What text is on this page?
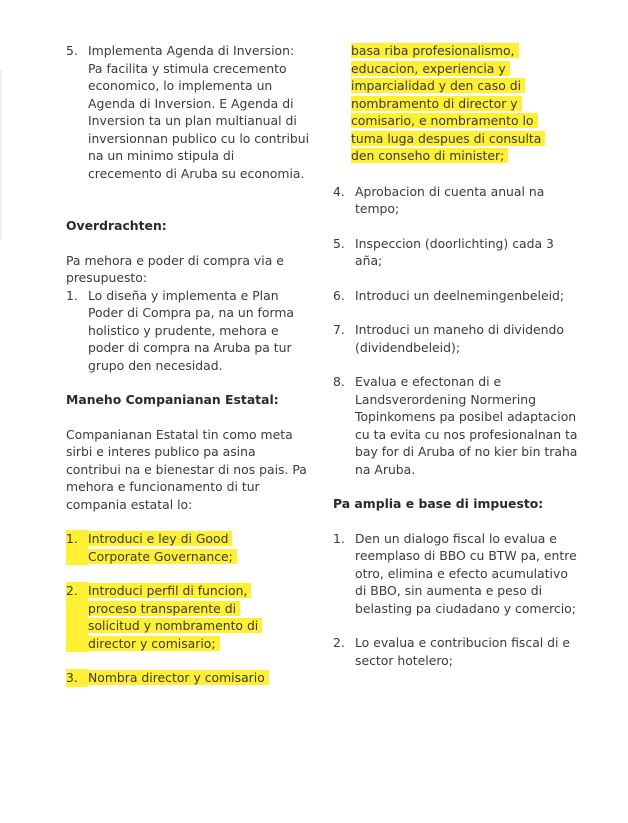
5. Implementa Agenda di Inversion: Pa facilita y stimula crecemento economico, lo implementa un Agenda di Inversion. E Agenda di Inversion ta un plan multianual di inversionnan publico cu lo contribui na un minimo stipula di crecemento di Aruba su economia.

Overdrachten:

Pa mehora e poder di compra via e presupuesto:

1. Lo diseña y implementa e Plan Poder di Compra pa, na un forma holistico y prudente, mehora e poder di compra na Aruba pa tur grupo den necesidad.

Maneho Companianan Estatal:

Companianan Estatal tin como meta sirbi e interes publico pa asina contribui na e bienestar di nos pais. Pa mehora e funcionamento di tur compania estatal lo:

1. Introduci e ley di Good
Corporate Governance;
2. Introduci perfil di funcion,
proceso transparente di
solicitud y nombramento di
director y comisario;
3. Nombra director y comisario
basa riba profesionalismo,
educacion, experiencia y
imparcialidad y den caso di
nombramento di director y
comisario, e nombramento lo
tuma luga despues di consulta
den conseho di minister;
4. Aprobacion di cuenta anual na tempo;
5. Inspeccion (doorlichting) cada 3 aña;
6. Introduci un deelnemingenbeleid;
7. Introduci un maneho di dividendo (dividendbeleid);
8. Evalua e efectonan di e Landsverordening Normering Topinkomens pa posibel adaptacion cu ta evita cu nos profesionalnan ta bay for di Aruba of no kier bin traha na Aruba.

Pa amplia e base di impuesto:

1. Den un dialogo fiscal lo evalua e reemplaso di BBO cu BTW pa, entre otro, elimina e efecto acumulativo di BBO, sin aumenta e peso di belasting pa ciudadano y comercio;
2. Lo evalua e contribucion fiscal di e sector hotelero;
